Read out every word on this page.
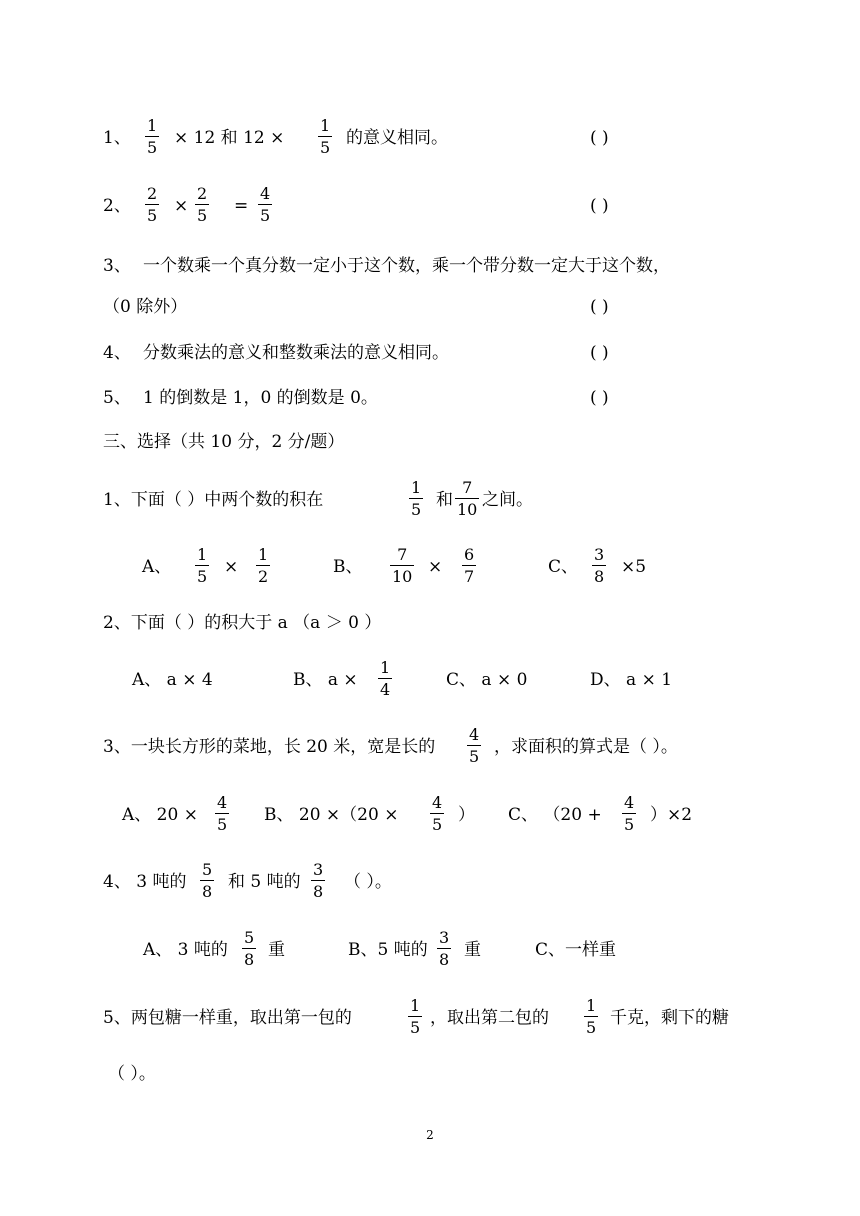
1、 $\frac{1}{5} \times 12$ 和 $12 \times \frac{1}{5}$ 的意义相同。	( )
2、 $\frac{2}{5} \times \frac{2}{5} = \frac{4}{5}$	( )
3、 一个数乘一个真分数一定小于这个数，乘一个带分数一定大于这个数，
（0 除外）	( )
4、 分数乘法的意义和整数乘法的意义相同。	( )
5、 1 的倒数是 1，0 的倒数是 0。	( )
三、选择（共 10 分，2 分/题）
1、下面（ ）中两个数的积在	$\frac{1}{5}$ 和 $\frac{7}{10}$ 之间。
A、 $\frac{1}{5} \times \frac{1}{2}$	B、 $\frac{7}{10} \times \frac{6}{7}$	C、 $\frac{3}{8} \times 5$
2、下面（ ）的积大于 a （a ＞ 0 ）
A、 a × 4	B、 $a \times \frac{1}{4}$	C、 a × 0	D、 a × 1
3、一块长方形的菜地，长 20 米，宽是长的 $\frac{4}{5}$ ，求面积的算式是（ ）。
A、 $20 \times \frac{4}{5}$ B、 $20 \times(20 \times \frac{4}{5}$ ） C、 $(20 + \frac{4}{5} )\times 2$
4、 3 吨的 $\frac{5}{8}$ 和 5 吨的 $\frac{3}{8}$ （ ）。
A、 3 吨的 $\frac{5}{8}$ 重	B、5 吨的 $\frac{3}{8}$ 重	C、一样重
5、两包糖一样重，取出第一包的	$\frac{1}{5}$ ，取出第二包的 $\frac{1}{5}$ 千克，剩下的糖
（ ）。
2
